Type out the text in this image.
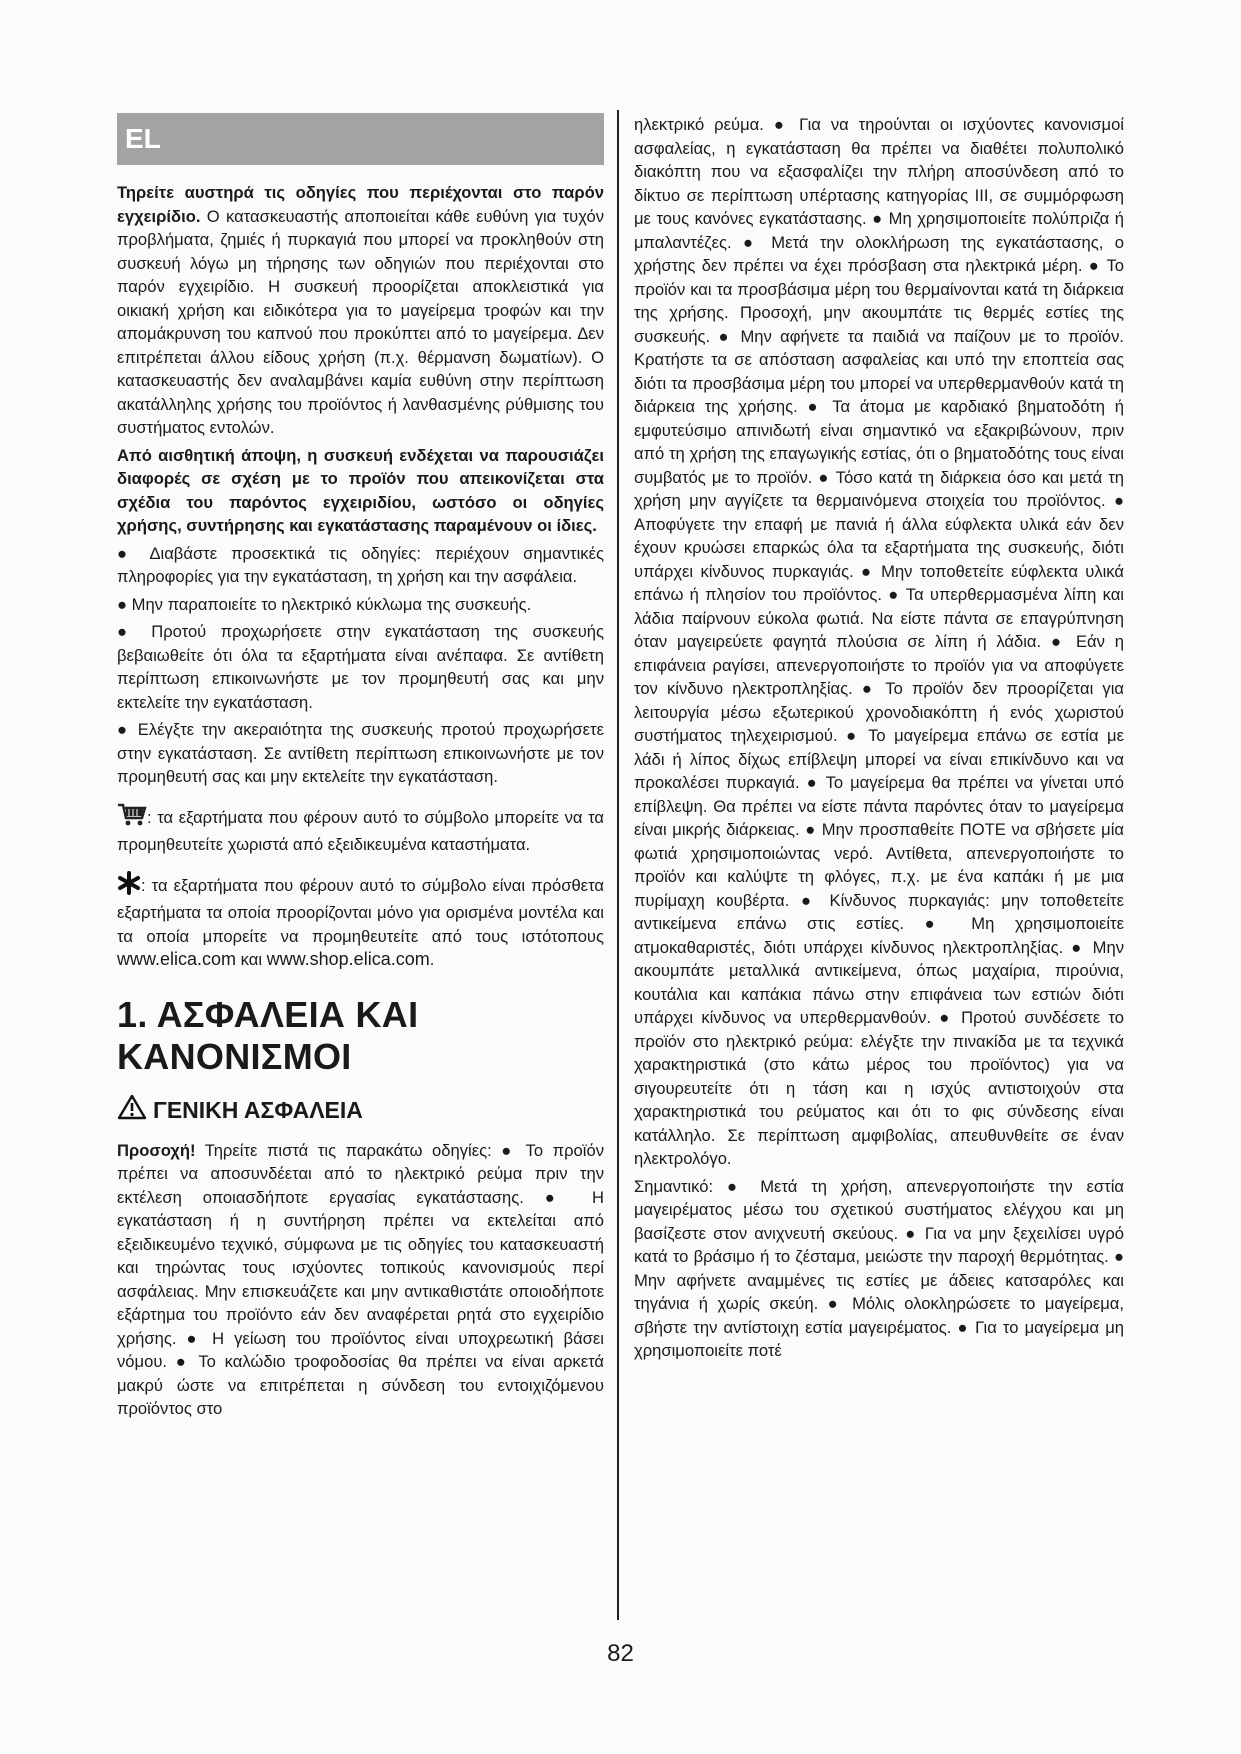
EL

Τηρείτε αυστηρά τις οδηγίες που περιέχονται στο παρόν εγχειρίδιο. Ο κατασκευαστής αποποιείται κάθε ευθύνη για τυχόν προβλήματα, ζημιές ή πυρκαγιά που μπορεί να προκληθούν στη συσκευή λόγω μη τήρησης των οδηγιών που περιέχονται στο παρόν εγχειρίδιο. Η συσκευή προορίζεται αποκλειστικά για οικιακή χρήση και ειδικότερα για το μαγείρεμα τροφών και την απομάκρυνση του καπνού που προκύπτει από το μαγείρεμα. Δεν επιτρέπεται άλλου είδους χρήση (π.χ. θέρμανση δωματίων). Ο κατασκευαστής δεν αναλαμβάνει καμία ευθύνη στην περίπτωση ακατάλληλης χρήσης του προϊόντος ή λανθασμένης ρύθμισης του συστήματος εντολών.

Από αισθητική άποψη, η συσκευή ενδέχεται να παρουσιάζει διαφορές σε σχέση με το προϊόν που απεικονίζεται στα σχέδια του παρόντος εγχειριδίου, ωστόσο οι οδηγίες χρήσης, συντήρησης και εγκατάστασης παραμένουν οι ίδιες.

● Διαβάστε προσεκτικά τις οδηγίες: περιέχουν σημαντικές πληροφορίες για την εγκατάσταση, τη χρήση και την ασφάλεια.

● Μην παραποιείτε το ηλεκτρικό κύκλωμα της συσκευής.

● Προτού προχωρήσετε στην εγκατάσταση της συσκευής βεβαιωθείτε ότι όλα τα εξαρτήματα είναι ανέπαφα. Σε αντίθετη περίπτωση επικοινωνήστε με τον προμηθευτή σας και μην εκτελείτε την εγκατάσταση.

● Ελέγξτε την ακεραιότητα της συσκευής προτού προχωρήσετε στην εγκατάσταση. Σε αντίθετη περίπτωση επικοινωνήστε με τον προμηθευτή σας και μην εκτελείτε την εγκατάσταση.

: τα εξαρτήματα που φέρουν αυτό το σύμβολο μπορείτε να τα προμηθευτείτε χωριστά από εξειδικευμένα καταστήματα.

: τα εξαρτήματα που φέρουν αυτό το σύμβολο είναι πρόσθετα εξαρτήματα τα οποία προορίζονται μόνο για ορισμένα μοντέλα και τα οποία μπορείτε να προμηθευτείτε από τους ιστότοπους www.elica.com και www.shop.elica.com.

1. ΑΣΦΑΛΕΙΑ ΚΑΙ ΚΑΝΟΝΙΣΜΟΙ
ΓΕΝΙΚΗ ΑΣΦΑΛΕΙΑ

Προσοχή! Τηρείτε πιστά τις παρακάτω οδηγίες: ● Το προϊόν πρέπει να αποσυνδέεται από το ηλεκτρικό ρεύμα πριν την εκτέλεση οποιασδήποτε εργασίας εγκατάστασης. ● Η εγκατάσταση ή η συντήρηση πρέπει να εκτελείται από εξειδικευμένο τεχνικό, σύμφωνα με τις οδηγίες του κατασκευαστή και τηρώντας τους ισχύοντες τοπικούς κανονισμούς περί ασφάλειας. Μην επισκευάζετε και μην αντικαθιστάτε οποιοδήποτε εξάρτημα του προϊόντο εάν δεν αναφέρεται ρητά στο εγχειρίδιο χρήσης. ● Η γείωση του προϊόντος είναι υποχρεωτική βάσει νόμου. ● Το καλώδιο τροφοδοσίας θα πρέπει να είναι αρκετά μακρύ ώστε να επιτρέπεται η σύνδεση του εντοιχιζόμενου προϊόντος στο

ηλεκτρικό ρεύμα. ● Για να τηρούνται οι ισχύοντες κανονισμοί ασφαλείας, η εγκατάσταση θα πρέπει να διαθέτει πολυπολικό διακόπτη που να εξασφαλίζει την πλήρη αποσύνδεση από το δίκτυο σε περίπτωση υπέρτασης κατηγορίας III, σε συμμόρφωση με τους κανόνες εγκατάστασης. ● Μη χρησιμοποιείτε πολύπριζα ή μπαλαντέζες. ● Μετά την ολοκλήρωση της εγκατάστασης, ο χρήστης δεν πρέπει να έχει πρόσβαση στα ηλεκτρικά μέρη. ● Το προϊόν και τα προσβάσιμα μέρη του θερμαίνονται κατά τη διάρκεια της χρήσης. Προσοχή, μην ακουμπάτε τις θερμές εστίες της συσκευής. ● Μην αφήνετε τα παιδιά να παίζουν με το προϊόν. Κρατήστε τα σε απόσταση ασφαλείας και υπό την εποπτεία σας διότι τα προσβάσιμα μέρη του μπορεί να υπερθερμανθούν κατά τη διάρκεια της χρήσης. ● Τα άτομα με καρδιακό βηματοδότη ή εμφυτεύσιμο απινιδωτή είναι σημαντικό να εξακριβώνουν, πριν από τη χρήση της επαγωγικής εστίας, ότι ο βηματοδότης τους είναι συμβατός με το προϊόν. ● Τόσο κατά τη διάρκεια όσο και μετά τη χρήση μην αγγίζετε τα θερμαινόμενα στοιχεία του προϊόντος. ● Αποφύγετε την επαφή με πανιά ή άλλα εύφλεκτα υλικά εάν δεν έχουν κρυώσει επαρκώς όλα τα εξαρτήματα της συσκευής, διότι υπάρχει κίνδυνος πυρκαγιάς. ● Μην τοποθετείτε εύφλεκτα υλικά επάνω ή πλησίον του προϊόντος. ● Τα υπερθερμασμένα λίπη και λάδια παίρνουν εύκολα φωτιά. Να είστε πάντα σε επαγρύπνηση όταν μαγειρεύετε φαγητά πλούσια σε λίπη ή λάδια. ● Εάν η επιφάνεια ραγίσει, απενεργοποιήστε το προϊόν για να αποφύγετε τον κίνδυνο ηλεκτροπληξίας. ● Το προϊόν δεν προορίζεται για λειτουργία μέσω εξωτερικού χρονοδιακόπτη ή ενός χωριστού συστήματος τηλεχειρισμού. ● Το μαγείρεμα επάνω σε εστία με λάδι ή λίπος δίχως επίβλεψη μπορεί να είναι επικίνδυνο και να προκαλέσει πυρκαγιά. ● Το μαγείρεμα θα πρέπει να γίνεται υπό επίβλεψη. Θα πρέπει να είστε πάντα παρόντες όταν το μαγείρεμα είναι μικρής διάρκειας. ● Μην προσπαθείτε ΠΟΤΕ να σβήσετε μία φωτιά χρησιμοποιώντας νερό. Αντίθετα, απενεργοποιήστε το προϊόν και καλύψτε τη φλόγες, π.χ. με ένα καπάκι ή με μια πυρίμαχη κουβέρτα. ● Κίνδυνος πυρκαγιάς: μην τοποθετείτε αντικείμενα επάνω στις εστίες. ● Μη χρησιμοποιείτε ατμοκαθαριστές, διότι υπάρχει κίνδυνος ηλεκτροπληξίας. ● Μην ακουμπάτε μεταλλικά αντικείμενα, όπως μαχαίρια, πιρούνια, κουτάλια και καπάκια πάνω στην επιφάνεια των εστιών διότι υπάρχει κίνδυνος να υπερθερμανθούν. ● Προτού συνδέσετε το προϊόν στο ηλεκτρικό ρεύμα: ελέγξτε την πινακίδα με τα τεχνικά χαρακτηριστικά (στο κάτω μέρος του προϊόντος) για να σιγουρευτείτε ότι η τάση και η ισχύς αντιστοιχούν στα χαρακτηριστικά του ρεύματος και ότι το φις σύνδεσης είναι κατάλληλο. Σε περίπτωση αμφιβολίας, απευθυνθείτε σε έναν ηλεκτρολόγο.

Σημαντικό: ● Μετά τη χρήση, απενεργοποιήστε την εστία μαγειρέματος μέσω του σχετικού συστήματος ελέγχου και μη βασίζεστε στον ανιχνευτή σκεύους. ● Για να μην ξεχειλίσει υγρό κατά το βράσιμο ή το ζέσταμα, μειώστε την παροχή θερμότητας. ● Μην αφήνετε αναμμένες τις εστίες με άδειες κατσαρόλες και τηγάνια ή χωρίς σκεύη. ● Μόλις ολοκληρώσετε το μαγείρεμα, σβήστε την αντίστοιχη εστία μαγειρέματος. ● Για το μαγείρεμα μη χρησιμοποιείτε ποτέ

82
